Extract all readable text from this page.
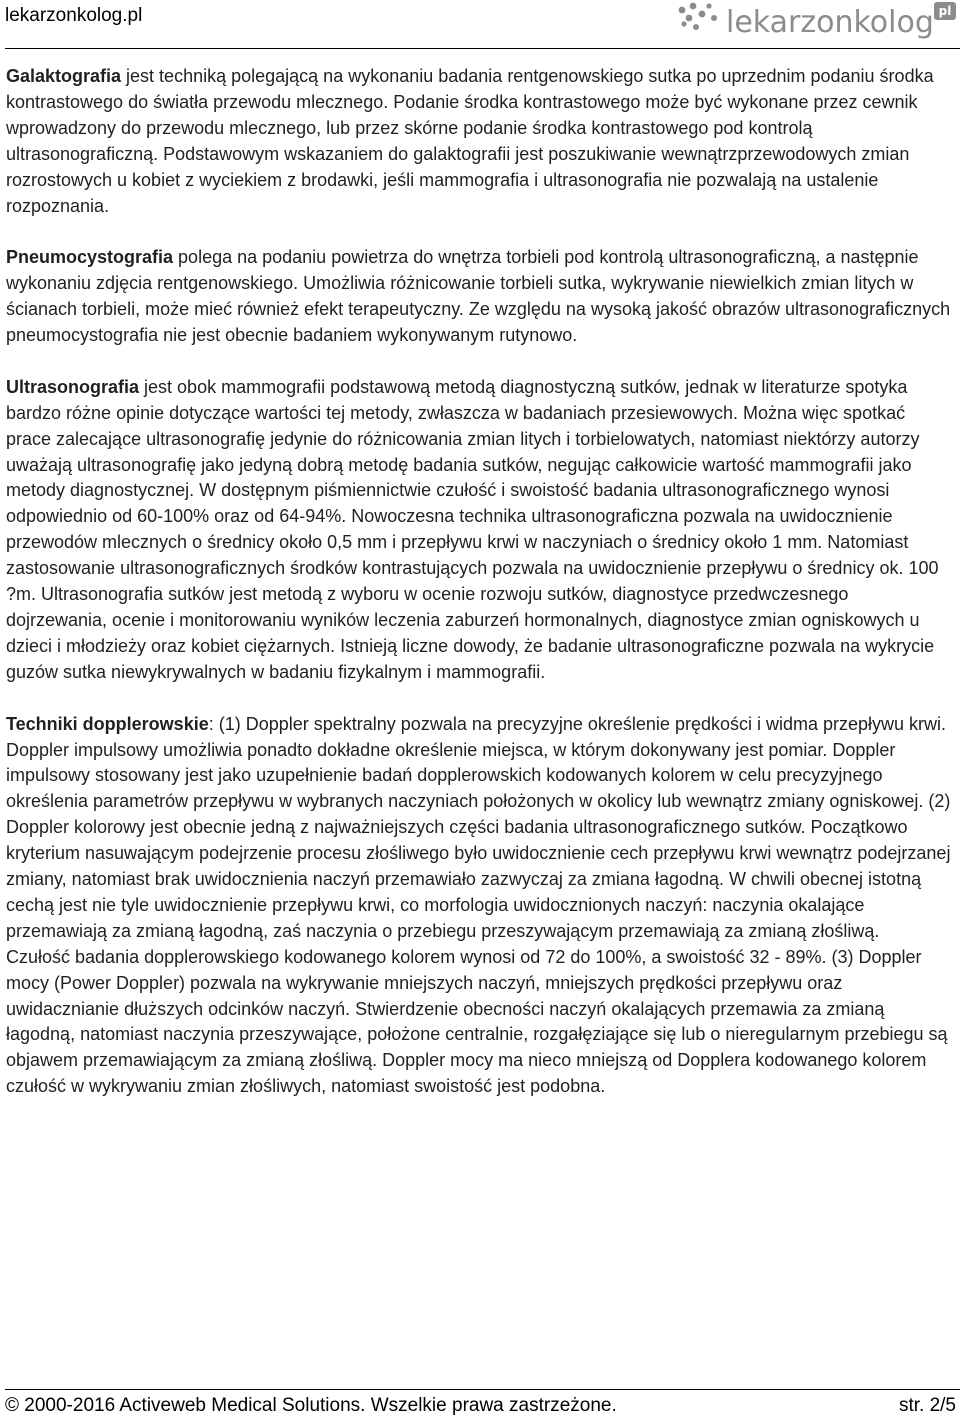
lekarzonkolog.pl	lekarzonkolog pl

Galaktografia jest techniką polegającą na wykonaniu badania rentgenowskiego sutka po uprzednim podaniu środka kontrastowego do światła przewodu mlecznego. Podanie środka kontrastowego może być wykonane przez cewnik wprowadzony do przewodu mlecznego, lub przez skórne podanie środka kontrastowego pod kontrolą ultrasonograficzną. Podstawowym wskazaniem do galaktografii jest poszukiwanie wewnątrzprzewodowych zmian rozrostowych u kobiet z wyciekiem z brodawki, jeśli mammografia i ultrasonografia nie pozwalają na ustalenie rozpoznania.

Pneumocystografia polega na podaniu powietrza do wnętrza torbieli pod kontrolą ultrasonograficzną, a następnie wykonaniu zdjęcia rentgenowskiego. Umożliwia różnicowanie torbieli sutka, wykrywanie niewielkich zmian litych w ścianach torbieli, może mieć również efekt terapeutyczny. Ze względu na wysoką jakość obrazów ultrasonograficznych pneumocystografia nie jest obecnie badaniem wykonywanym rutynowo.

Ultrasonografia jest obok mammografii podstawową metodą diagnostyczną sutków, jednak w literaturze spotyka bardzo różne opinie dotyczące wartości tej metody, zwłaszcza w badaniach przesiewowych. Można więc spotkać prace zalecające ultrasonografię jedynie do różnicowania zmian litych i torbielowatych, natomiast niektórzy autorzy uważają ultrasonografię jako jedyną dobrą metodę badania sutków, negując całkowicie wartość mammografii jako metody diagnostycznej. W dostępnym piśmiennictwie czułość i swoistość badania ultrasonograficznego wynosi odpowiednio od 60-100% oraz od 64-94%. Nowoczesna technika ultrasonograficzna pozwala na uwidocznienie przewodów mlecznych o średnicy około 0,5 mm i przepływu krwi w naczyniach o średnicy około 1 mm. Natomiast zastosowanie ultrasonograficznych środków kontrastujących pozwala na uwidocznienie przepływu o średnicy ok. 100 ?m. Ultrasonografia sutków jest metodą z wyboru w ocenie rozwoju sutków, diagnostyce przedwczesnego dojrzewania, ocenie i monitorowaniu wyników leczenia zaburzeń hormonalnych, diagnostyce zmian ogniskowych u dzieci i młodzieży oraz kobiet ciężarnych. Istnieją liczne dowody, że badanie ultrasonograficzne pozwala na wykrycie guzów sutka niewykrywalnych w badaniu fizykalnym i mammografii.

Techniki dopplerowskie: (1) Doppler spektralny pozwala na precyzyjne określenie prędkości i widma przepływu krwi. Doppler impulsowy umożliwia ponadto dokładne określenie miejsca, w którym dokonywany jest pomiar. Doppler impulsowy stosowany jest jako uzupełnienie badań dopplerowskich kodowanych kolorem w celu precyzyjnego określenia parametrów przepływu w wybranych naczyniach położonych w okolicy lub wewnątrz zmiany ogniskowej. (2) Doppler kolorowy jest obecnie jedną z najważniejszych części badania ultrasonograficznego sutków. Początkowo kryterium nasuwającym podejrzenie procesu złośliwego było uwidocznienie cech przepływu krwi wewnątrz podejrzanej zmiany, natomiast brak uwidocznienia naczyń przemawiało zazwyczaj za zmiana łagodną. W chwili obecnej istotną cechą jest nie tyle uwidocznienie przepływu krwi, co morfologia uwidocznionych naczyń: naczynia okalające przemawiają za zmianą łagodną, zaś naczynia o przebiegu przeszywającym przemawiają za zmianą złośliwą.
Czułość badania dopplerowskiego kodowanego kolorem wynosi od 72 do 100%, a swoistość 32 - 89%. (3) Doppler mocy (Power Doppler) pozwala na wykrywanie mniejszych naczyń, mniejszych prędkości przepływu oraz uwidacznianie dłuższych odcinków naczyń. Stwierdzenie obecności naczyń okalających przemawia za zmianą łagodną, natomiast naczynia przeszywające, położone centralnie, rozgałęziające się lub o nieregularnym przebiegu są objawem przemawiającym za zmianą złośliwą. Doppler mocy ma nieco mniejszą od Dopplera kodowanego kolorem czułość w wykrywaniu zmian złośliwych, natomiast swoistość jest podobna.

© 2000-2016 Activeweb Medical Solutions. Wszelkie prawa zastrzeżone.	str. 2/5
